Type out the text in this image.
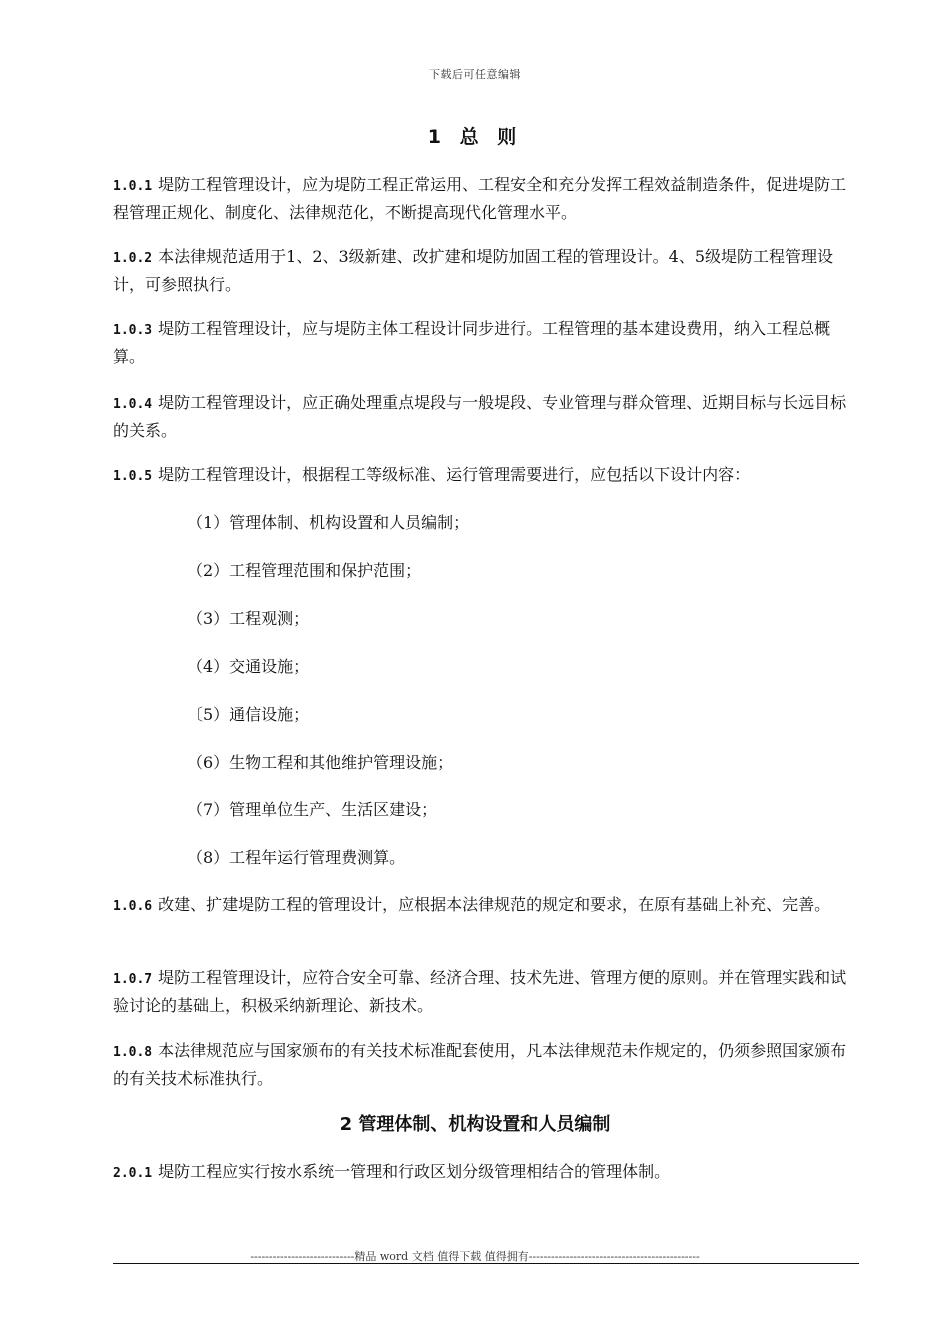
下载后可任意编辑
1 总 则
1.0.1 堤防工程管理设计，应为堤防工程正常运用、工程安全和充分发挥工程效益制造条件，促进堤防工程管理正规化、制度化、法律规范化，不断提高现代化管理水平。
1.0.2 本法律规范适用于1、2、3级新建、改扩建和堤防加固工程的管理设计。4、5级堤防工程管理设计，可参照执行。
1.0.3 堤防工程管理设计，应与堤防主体工程设计同步进行。工程管理的基本建设费用，纳入工程总概算。
1.0.4 堤防工程管理设计，应正确处理重点堤段与一般堤段、专业管理与群众管理、近期目标与长远目标的关系。
1.0.5 堤防工程管理设计，根据程工等级标准、运行管理需要进行，应包括以下设计内容：
（1）管理体制、机构设置和人员编制；
（2）工程管理范围和保护范围；
（3）工程观测；
（4）交通设施；
〔5）通信设施；
（6）生物工程和其他维护管理设施；
（7）管理单位生产、生活区建设；
（8）工程年运行管理费测算。
1.0.6 改建、扩建堤防工程的管理设计，应根据本法律规范的规定和要求，在原有基础上补充、完善。
1.0.7 堤防工程管理设计，应符合安全可靠、经济合理、技术先进、管理方便的原则。并在管理实践和试验讨论的基础上，积极采纳新理论、新技术。
1.0.8 本法律规范应与国家颁布的有关技术标准配套使用，凡本法律规范未作规定的，仍须参照国家颁布的有关技术标准执行。
2 管理体制、机构设置和人员编制
2.0.1 堤防工程应实行按水系统一管理和行政区划分级管理相结合的管理体制。
----------------------------精品 word 文档 值得下载 值得拥有----------------------------------------------
